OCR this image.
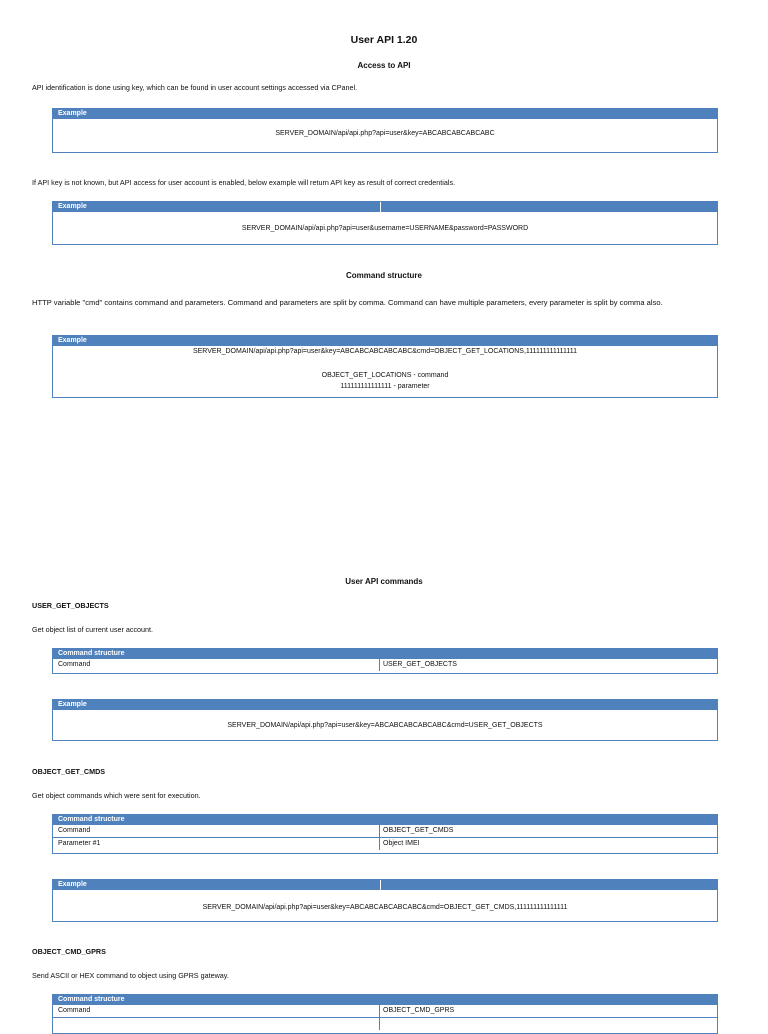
User API 1.20
Access to API
API identification is done using key, which can be found in user account settings accessed via CPanel.
Example
SERVER_DOMAIN/api/api.php?api=user&key=ABCABCABCABCABC
If API key is not known, but API access for user account is enabled, below example will return API key as result of correct credentials.
Example
SERVER_DOMAIN/api/api.php?api=user&username=USERNAME&password=PASSWORD
Command structure
HTTP variable "cmd" contains command and parameters. Command and parameters are split by comma. Command can have multiple parameters, every parameter is split by comma also.
Example
SERVER_DOMAIN/api/api.php?api=user&key=ABCABCABCABCABC&cmd=OBJECT_GET_LOCATIONS,111111111111111
OBJECT_GET_LOCATIONS - command
111111111111111 - parameter
User API commands
USER_GET_OBJECTS
Get object list of current user account.
Command structure
Command	USER_GET_OBJECTS
Example
SERVER_DOMAIN/api/api.php?api=user&key=ABCABCABCABCABC&cmd=USER_GET_OBJECTS
OBJECT_GET_CMDS
Get object commands which were sent for execution.
Command structure
Command	OBJECT_GET_CMDS
Parameter #1	Object IMEI
Example
SERVER_DOMAIN/api/api.php?api=user&key=ABCABCABCABCABC&cmd=OBJECT_GET_CMDS,111111111111111
OBJECT_CMD_GPRS
Send ASCII or HEX command to object using GPRS gateway.
Command structure
Command	OBJECT_CMD_GPRS
